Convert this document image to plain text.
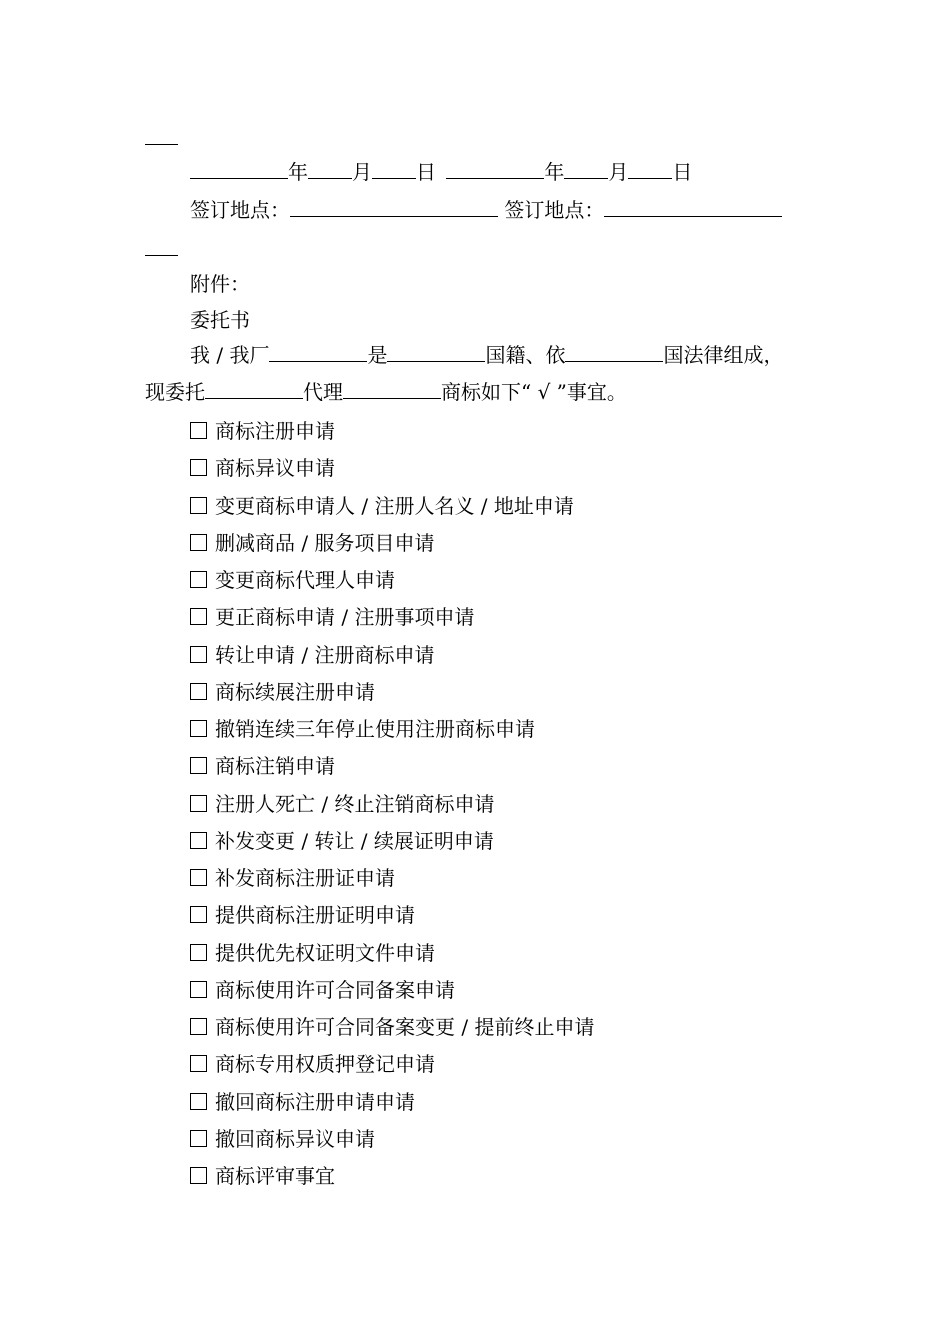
年 月 日	年 月 日
签订地点：	签订地点：
附件：
委托书
我 / 我厂	是	国籍、依	国法律组成，
现委托	代理	商标如下“ √ ”事宜。
商标注册申请
商标异议申请
变更商标申请人 / 注册人名义 / 地址申请
删减商品 / 服务项目申请
变更商标代理人申请
更正商标申请 / 注册事项申请
转让申请 / 注册商标申请
商标续展注册申请
撤销连续三年停止使用注册商标申请
商标注销申请
注册人死亡 / 终止注销商标申请
补发变更 / 转让 / 续展证明申请
补发商标注册证申请
提供商标注册证明申请
提供优先权证明文件申请
商标使用许可合同备案申请
商标使用许可合同备案变更 / 提前终止申请
商标专用权质押登记申请
撤回商标注册申请申请
撤回商标异议申请
商标评审事宜
